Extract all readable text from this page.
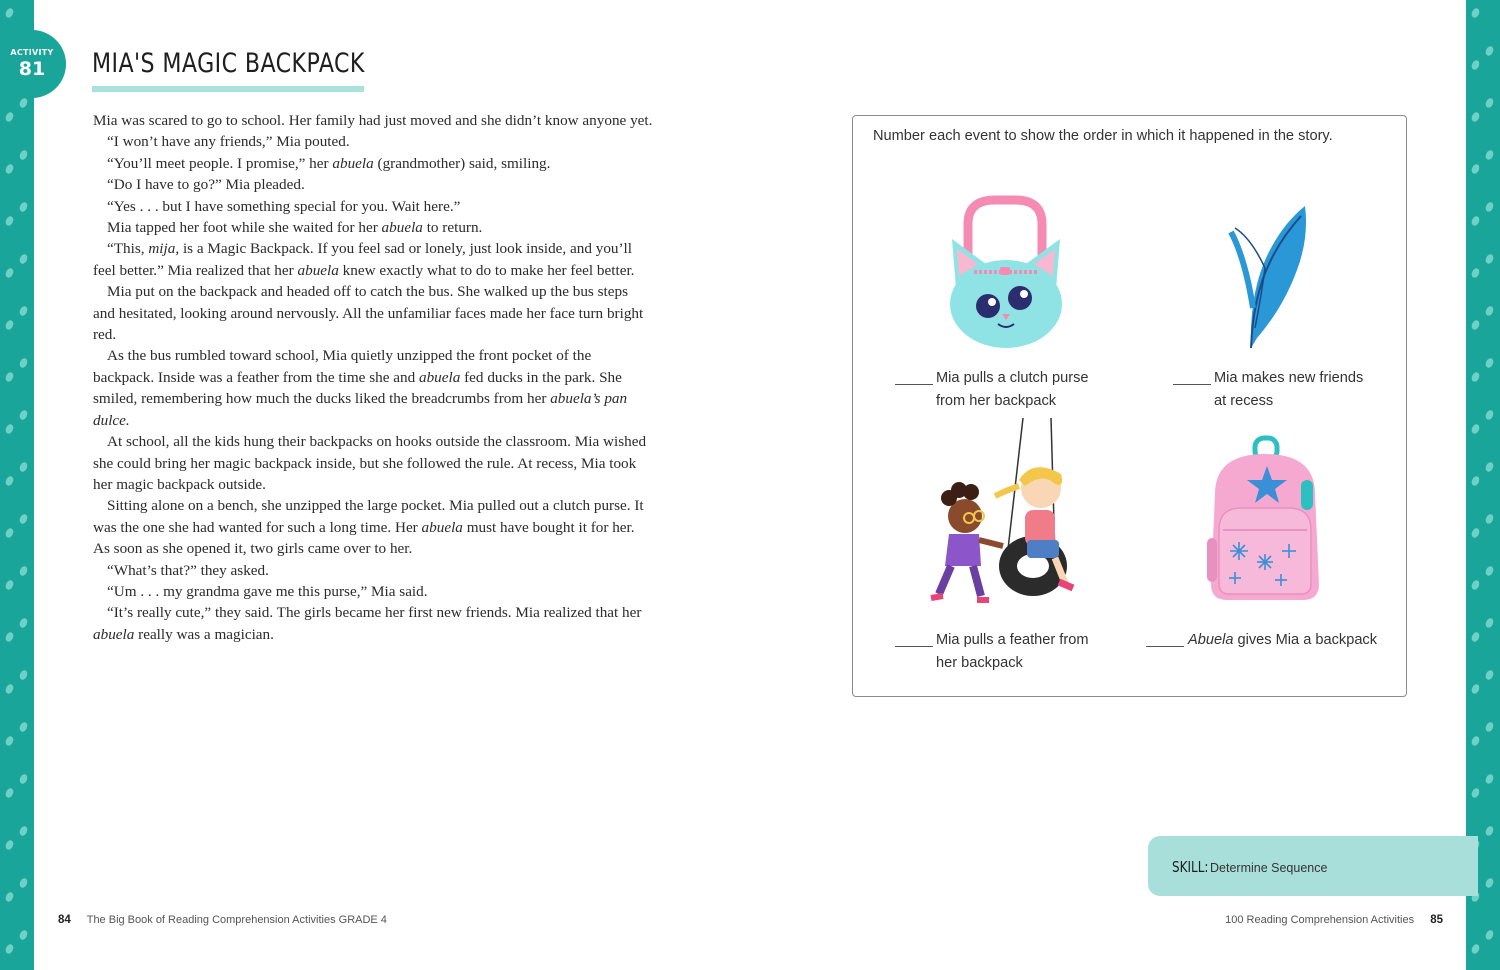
ACTIVITY
81	MIA'S MAGIC BACKPACK

Mia was scared to go to school. Her family had just moved and she didn’t know anyone yet.

“I won’t have any friends,” Mia pouted.

“You’ll meet people. I promise,” her abuela (grandmother) said, smiling.

“Do I have to go?” Mia pleaded.

“Yes . . . but I have something special for you. Wait here.”

Mia tapped her foot while she waited for her abuela to return.

“This, mija, is a Magic Backpack. If you feel sad or lonely, just look inside, and you’ll feel better.” Mia realized that her abuela knew exactly what to do to make her feel better.

Mia put on the backpack and headed off to catch the bus. She walked up the bus steps and hesitated, looking around nervously. All the unfamiliar faces made her face turn bright red.

As the bus rumbled toward school, Mia quietly unzipped the front pocket of the backpack. Inside was a feather from the time she and abuela fed ducks in the park. She smiled, remembering how much the ducks liked the breadcrumbs from her abuela’s pan dulce.

At school, all the kids hung their backpacks on hooks outside the classroom. Mia wished she could bring her magic backpack inside, but she followed the rule. At recess, Mia took her magic backpack outside.

Sitting alone on a bench, she unzipped the large pocket. Mia pulled out a clutch purse. It was the one she had wanted for such a long time. Her abuela must have bought it for her. As soon as she opened it, two girls came over to her.

“What’s that?” they asked.

“Um . . . my grandma gave me this purse,” Mia said.

“It’s really cute,” they said. The girls became her first new friends. Mia realized that her abuela really was a magician.

Number each event to show the order in which it happened in the story.
Mia pulls a clutch purse
from her backpack
Mia makes new friends
at recess
Mia pulls a feather from
her backpack
Abuela gives Mia a backpack
SKILL: Determine Sequence
84 The Big Book of Reading Comprehension Activities GRADE 4	100 Reading Comprehension Activities 85
